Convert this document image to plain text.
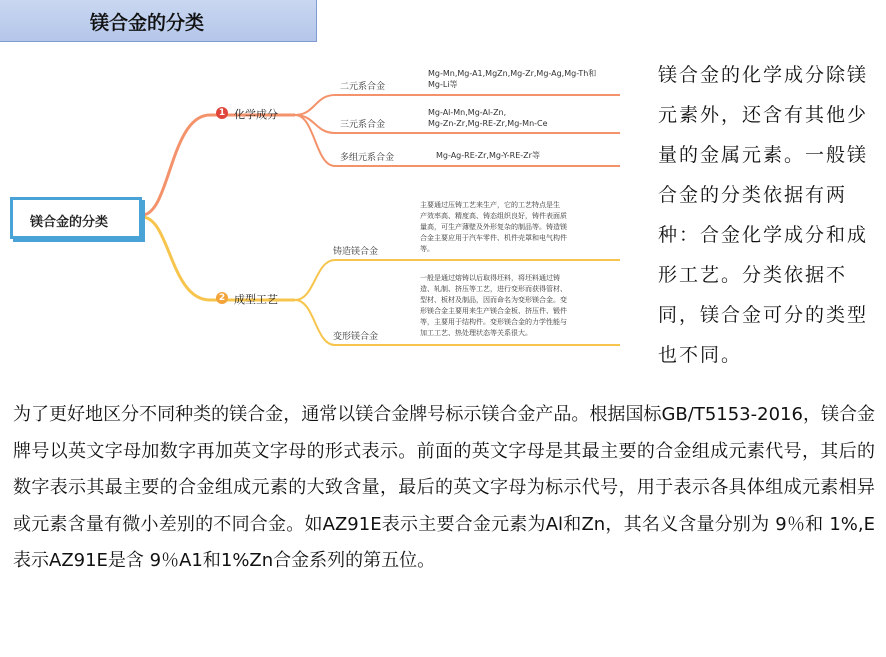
镁合金的分类
镁合金的分类
1 化学成分
二元系合金
Mg-Mn,Mg-A1,MgZn,Mg-Zr,Mg-Ag,Mg-Th和
Mg-Li等
三元系合金
Mg-Al-Mn,Mg-Al-Zn,
Mg-Zn-Zr,Mg-RE-Zr,Mg-Mn-Ce
多组元系合金	Mg-Ag-RE-Zr,Mg-Y-RE-Zr等
2 成型工艺
铸造镁合金
主要通过压铸工艺来生产，它的工艺特点是生
产效率高、精度高、铸态组织良好，铸件表面质
量高，可生产薄壁及外形复杂的制品等。铸造镁
合金主要应用于汽车零件、机件壳罩和电气构件
等。
变形镁合金
一般是通过熔铸以后取得坯料，将坯料通过铸
造、轧制、挤压等工艺，进行变形而获得管材、
型材、板材及制品，因而命名为变形镁合金。变
形镁合金主要用来生产镁合金板、挤压件、锻件
等，主要用于结构件。变形镁合金的力学性能与
加工工艺、热处理状态等关系很大。
镁合金的化学成分除镁元素外，还含有其他少量的金属元素。一般镁合金的分类依据有两种：合金化学成分和成形工艺。分类依据不同，镁合金可分的类型也不同。
为了更好地区分不同种类的镁合金，通常以镁合金牌号标示镁合金产品。根据国标GB/T5153-2016，镁合金牌号以英文字母加数字再加英文字母的形式表示。前面的英文字母是其最主要的合金组成元素代号，其后的数字表示其最主要的合金组成元素的大致含量，最后的英文字母为标示代号，用于表示各具体组成元素相异或元素含量有微小差别的不同合金。如AZ91E表示主要合金元素为Al和Zn，其名义含量分别为 9％和 1%,E表示AZ91E是含 9％A1和1%Zn合金系列的第五位。
